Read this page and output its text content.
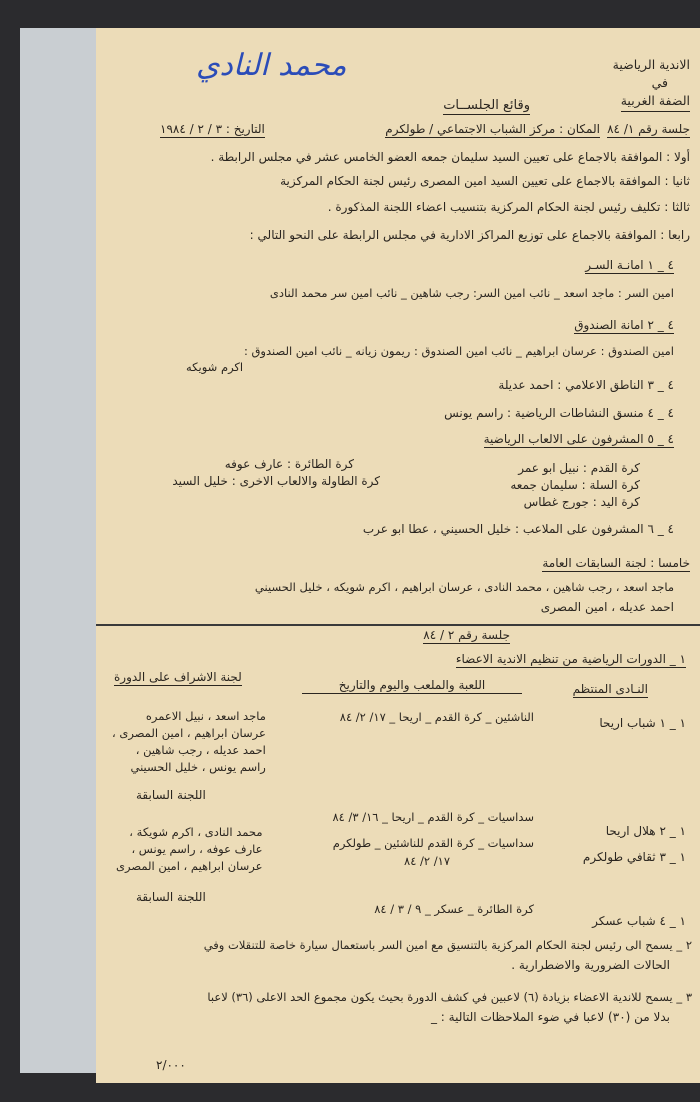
محمد النادي	الاندية الرياضية
في
الضفة الغربية
وقائع الجلســات
جلسة رقم ١/ ٨٤
المكان : مركز الشباب الاجتماعي / طولكرم
التاريخ : ٣ / ٢ / ١٩٨٤
أولا : الموافقة بالاجماع على تعيين السيد سليمان جمعه العضو الخامس عشر في مجلس الرابطة .
ثانيا : الموافقة بالاجماع على تعيين السيد امين المصرى رئيس لجنة الحكام المركزية
ثالثا : تكليف رئيس لجنة الحكام المركزية بتنسيب اعضاء اللجنة المذكورة .
رابعا : الموافقة بالاجماع على توزيع المراكز الادارية في مجلس الرابطة على النحو التالي :
٤ _ ١ امانـة السـر
امين السر : ماجد اسعد _ نائب امين السر: رجب شاهين _ نائب امين سر محمد النادى
٤ _ ٢ امانة الصندوق
امين الصندوق : عرسان ابراهيم _ نائب امين الصندوق : ريمون زيانه _ نائب امين الصندوق :
اكرم شويكه
٤ _ ٣ الناطق الاعلامي : احمد عديلة
٤ _ ٤ منسق النشاطات الرياضية : راسم يونس
٤ _ ٥ المشرفون على الالعاب الرياضية
كرة القدم : نبيل ابو عمر
كرة السلة : سليمان جمعه
كرة اليد : جورج غطاس
كرة الطائرة : عارف عوفه
كرة الطاولة والالعاب الاخرى : خليل السيد
٤ _ ٦ المشرفون على الملاعب : خليل الحسيني ، عطا ابو عرب
خامسا : لجنة السابقات العامة
ماجد اسعد ، رجب شاهين ، محمد النادى ، عرسان ابراهيم ، اكرم شويكه ، خليل الحسيني
احمد عديله ، امين المصرى
جلسة رقم ٢ / ٨٤
١ _ الدورات الرياضية من تنظيم الاندية الاعضاء
النـادى المنتظم
اللعبة والملعب واليوم والتاريخ
لجنة الاشراف على الدورة
١ _ ١ شباب اريحا
الناشئين _ كرة القدم _ اريحا _ ١٧/ ٢/ ٨٤
ماجد اسعد ، نبيل الاعمره
عرسان ابراهيم ، امين المصرى ،
احمد عديله ، رجب شاهين ،
راسم يونس ، خليل الحسيني
اللجنة السابقة
سداسيات _ كرة القدم _ اريحا _ ١٦/ ٣/ ٨٤
١ _ ٢ هلال اريحا
محمد النادى ، اكرم شويكة ،
عارف عوفه ، راسم يونس ،
عرسان ابراهيم ، امين المصرى
سداسيات _ كرة القدم للناشئين _ طولكرم
١٧/ ٢/ ٨٤	١ _ ٣ ثقافي طولكرم
اللجنة السابقة
كرة الطائرة _ عسكر _ ٩ / ٣ / ٨٤
١ _ ٤ شباب عسكر
٢ _ يسمح الى رئيس لجنة الحكام المركزية بالتنسيق مع امين السر باستعمال سيارة خاصة للتنقلات وفي
الحالات الضرورية والاضطرارية .
٣ _ يسمح للاندية الاعضاء بزيادة (٦) لاعبين في كشف الدورة بحيث يكون مجموع الحد الاعلى (٣٦) لاعبا
بدلا من (٣٠) لاعبا في ضوء الملاحظات التالية : _
٢/٠٠٠
